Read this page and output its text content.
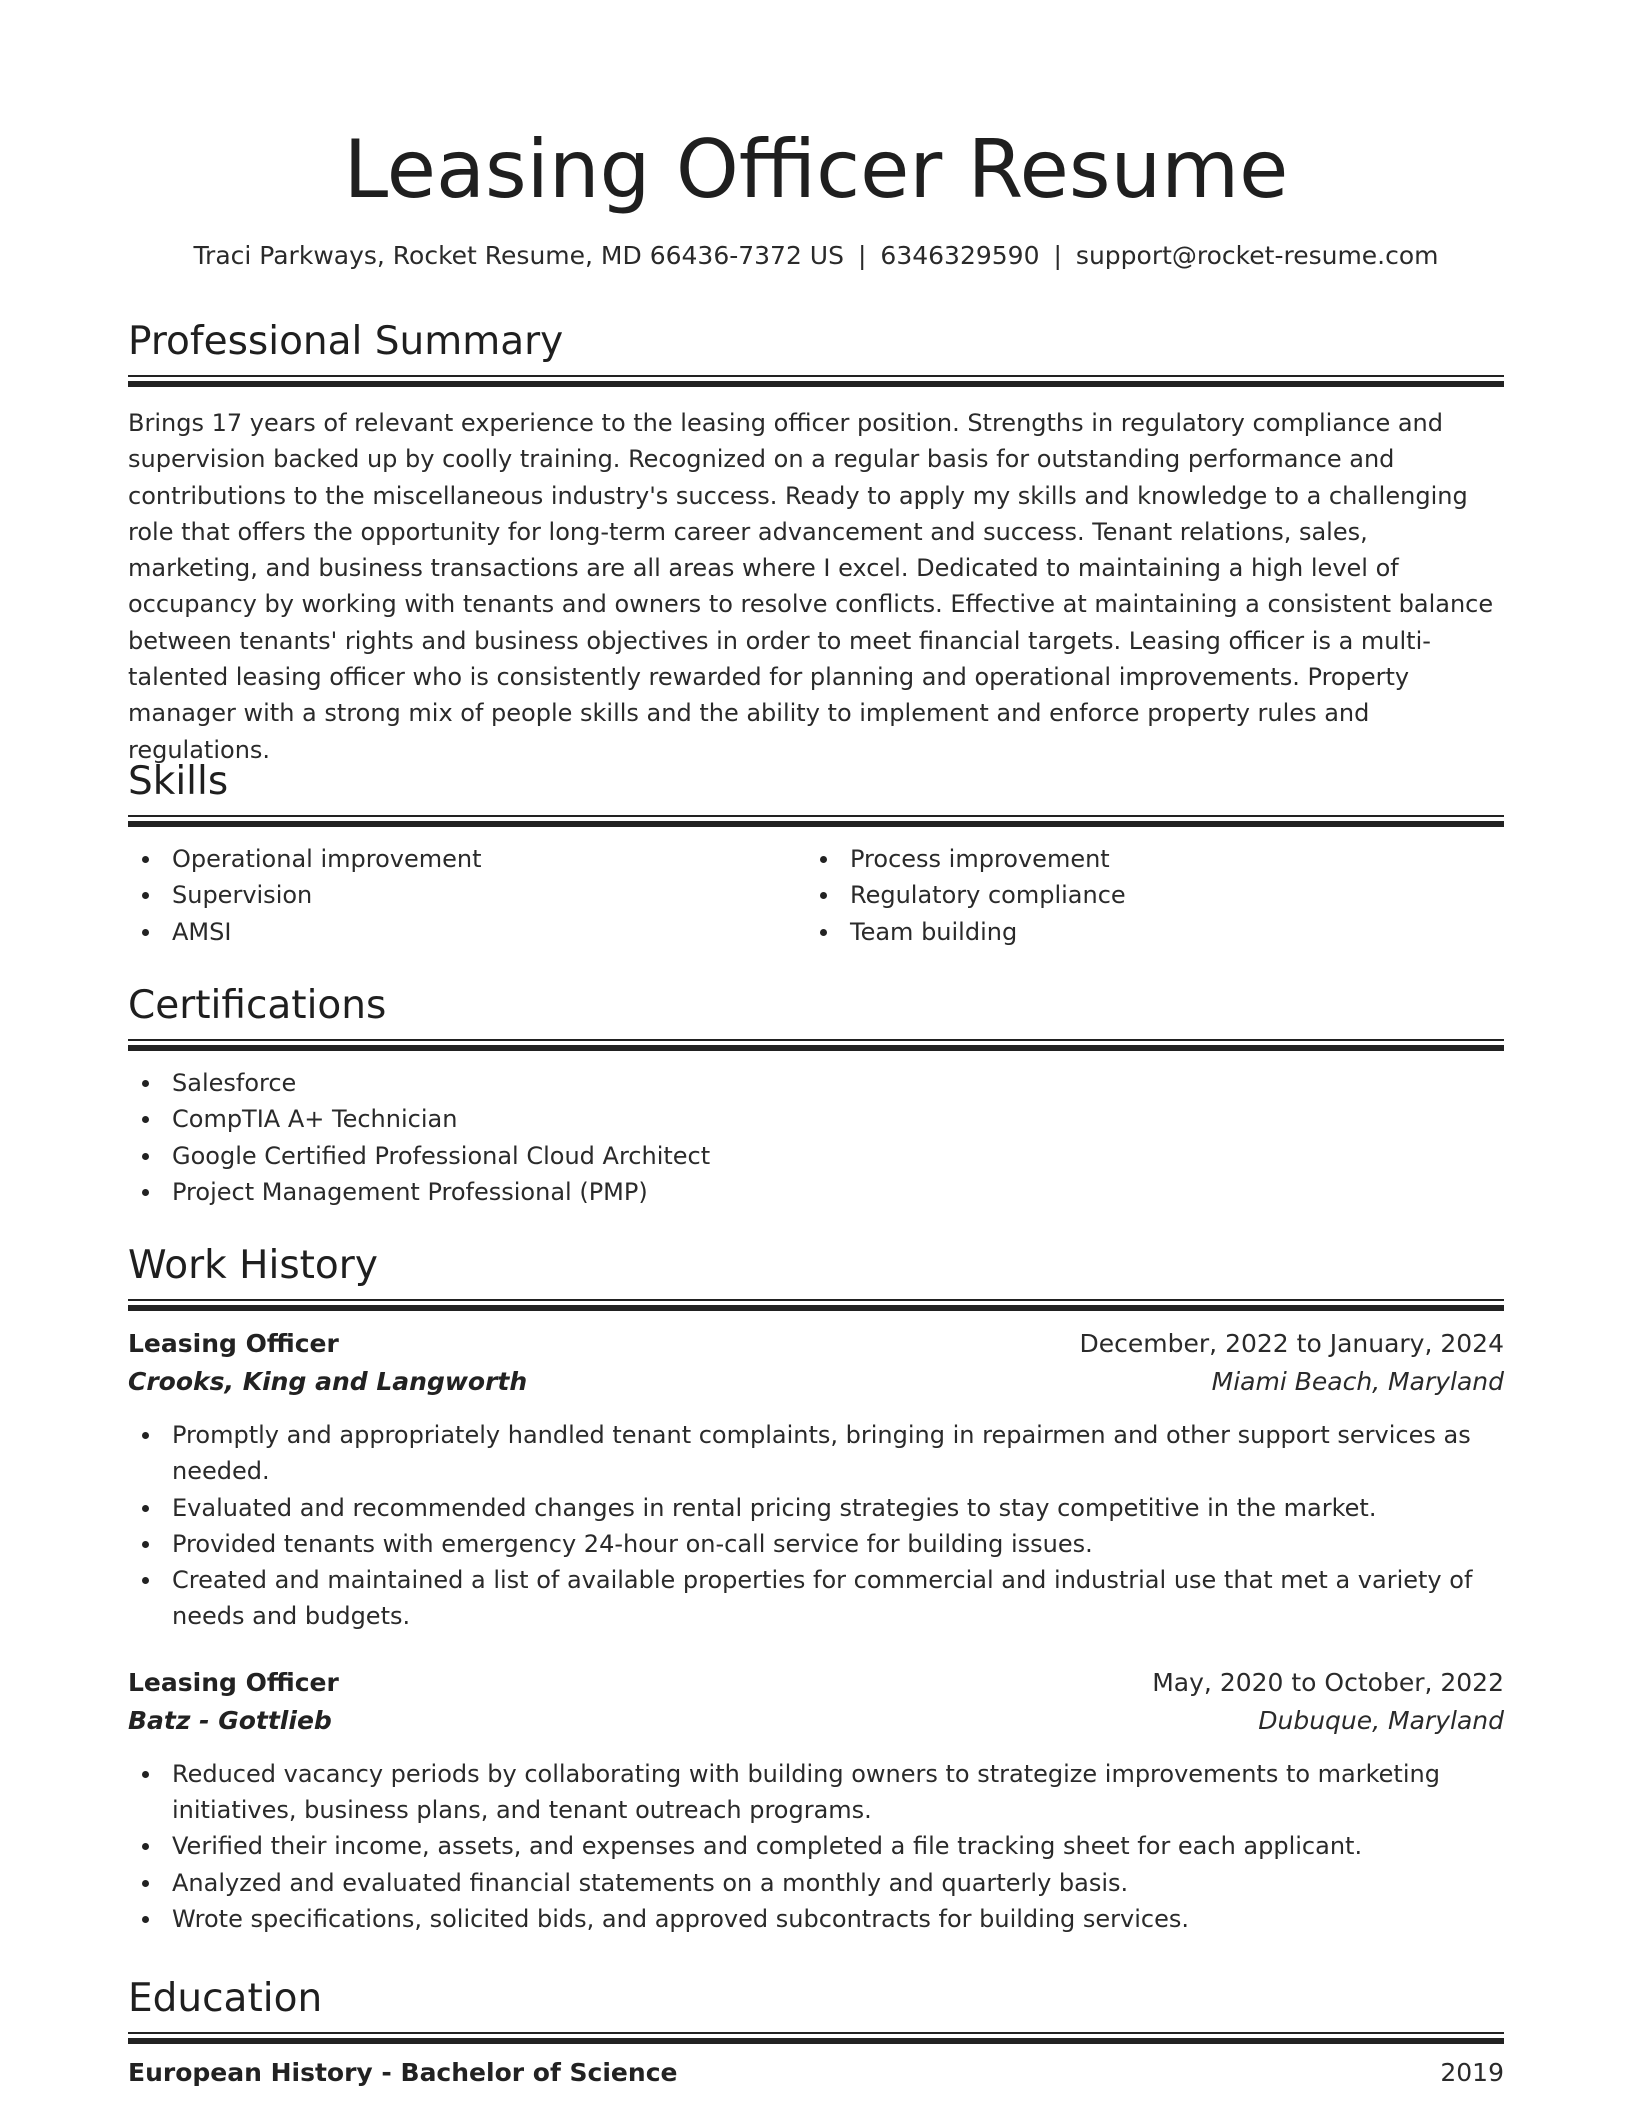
Leasing Officer Resume
Traci Parkways, Rocket Resume, MD 66436-7372 US | 6346329590 | support@rocket-resume.com
Professional Summary

Brings 17 years of relevant experience to the leasing officer position. Strengths in regulatory compliance and supervision backed up by coolly training. Recognized on a regular basis for outstanding performance and contributions to the miscellaneous industry's success. Ready to apply my skills and knowledge to a challenging role that offers the opportunity for long-term career advancement and success. Tenant relations, sales, marketing, and business transactions are all areas where I excel. Dedicated to maintaining a high level of occupancy by working with tenants and owners to resolve conflicts. Effective at maintaining a consistent balance between tenants' rights and business objectives in order to meet financial targets. Leasing officer is a multi-talented leasing officer who is consistently rewarded for planning and operational improvements. Property manager with a strong mix of people skills and the ability to implement and enforce property rules and regulations.

Skills
Operational improvement
Supervision
AMSI
Process improvement
Regulatory compliance
Team building
Certifications
Salesforce
CompTIA A+ Technician
Google Certified Professional Cloud Architect
Project Management Professional (PMP)
Work History
Leasing Officer	December, 2022 to January, 2024
Crooks, King and Langworth	Miami Beach, Maryland
Promptly and appropriately handled tenant complaints, bringing in repairmen and other support services as needed.
Evaluated and recommended changes in rental pricing strategies to stay competitive in the market.
Provided tenants with emergency 24-hour on-call service for building issues.
Created and maintained a list of available properties for commercial and industrial use that met a variety of needs and budgets.
Leasing Officer	May, 2020 to October, 2022
Batz - Gottlieb	Dubuque, Maryland
Reduced vacancy periods by collaborating with building owners to strategize improvements to marketing initiatives, business plans, and tenant outreach programs.
Verified their income, assets, and expenses and completed a file tracking sheet for each applicant.
Analyzed and evaluated financial statements on a monthly and quarterly basis.
Wrote specifications, solicited bids, and approved subcontracts for building services.
Education
European History - Bachelor of Science	2019
